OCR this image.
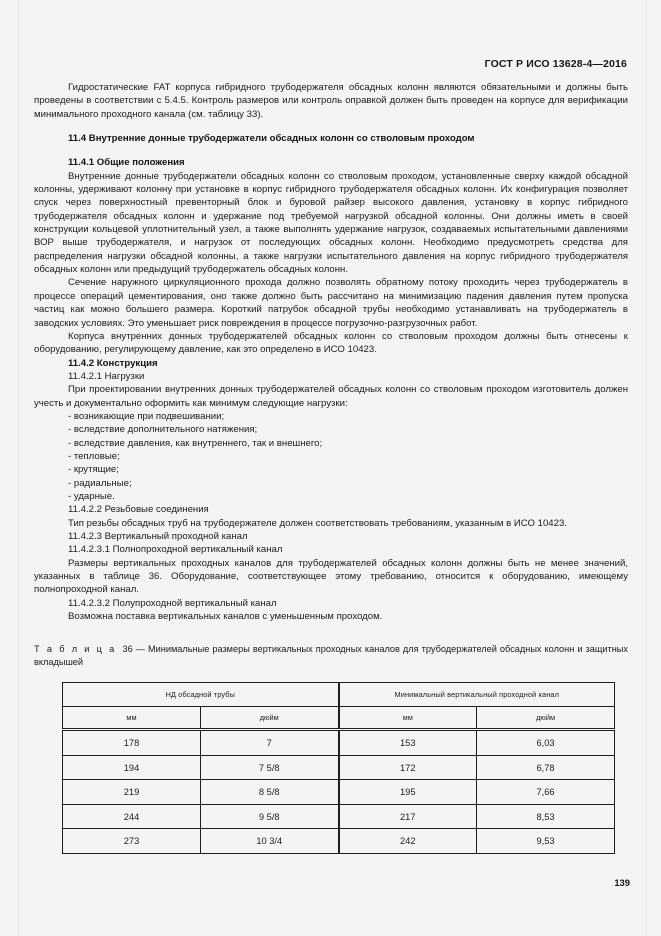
ГОСТ Р ИСО 13628-4—2016

Гидростатические FAT корпуса гибридного трубодержателя обсадных колонн являются обязательными и должны быть проведены в соответствии с 5.4.5. Контроль размеров или контроль оправкой должен быть проведен на корпусе для верификации минимального проходного канала (см. таблицу 33).

11.4 Внутренние донные трубодержатели обсадных колонн со стволовым проходом
11.4.1 Общие положения

Внутренние донные трубодержатели обсадных колонн со стволовым проходом, установленные сверху каждой обсадной колонны, удерживают колонну при установке в корпус гибридного трубодержателя обсадных колонн. Их конфигурация позволяет спуск через поверхностный превенторный блок и буровой райзер высокого давления, установку в корпус гибридного трубодержателя обсадных колонн и удержание под требуемой нагрузкой обсадной колонны. Они должны иметь в своей конструкции кольцевой уплотнительный узел, а также выполнять удержание нагрузок, создаваемых испытательными давлениями ВОР выше трубодержателя, и нагрузок от последующих обсадных колонн. Необходимо предусмотреть средства для распределения нагрузки обсадной колонны, а также нагрузки испытательного давления на корпус гибридного трубодержателя обсадных колонн или предыдущий трубодержатель обсадных колонн.

Сечение наружного циркуляционного прохода должно позволять обратному потоку проходить через трубодержатель в процессе операций цементирования, оно также должно быть рассчитано на минимизацию падения давления путем пропуска частиц как можно большего размера. Короткий патрубок обсадной трубы необходимо устанавливать на трубодержатель в заводских условиях. Это уменьшает риск повреждения в процессе погрузочно-разгрузочных работ.

Корпуса внутренних донных трубодержателей обсадных колонн со стволовым проходом должны быть отнесены к оборудованию, регулирующему давление, как это определено в ИСО 10423.

11.4.2 Конструкция
11.4.2.1 Нагрузки

При проектировании внутренних донных трубодержателей обсадных колонн со стволовым проходом изготовитель должен учесть и документально оформить как минимум следующие нагрузки:

- возникающие при подвешивании;
- вследствие дополнительного натяжения;
- вследствие давления, как внутреннего, так и внешнего;
- тепловые;
- крутящие;
- радиальные;
- ударные.
11.4.2.2 Резьбовые соединения

Тип резьбы обсадных труб на трубодержателе должен соответствовать требованиям, указанным в ИСО 10423.

11.4.2.3 Вертикальный проходной канал
11.4.2.3.1 Полнопроходной вертикальный канал

Размеры вертикальных проходных каналов для трубодержателей обсадных колонн должны быть не менее значений, указанных в таблице 36. Оборудование, соответствующее этому требованию, относится к оборудованию, имеющему полнопроходной канал.

11.4.2.3.2 Полупроходной вертикальный канал

Возможна поставка вертикальных каналов с уменьшенным проходом.

Т а б л и ц а 36 — Минимальные размеры вертикальных проходных каналов для трубодержателей обсадных колонн и защитных вкладышей

НД обсадной трубы		Минимальный вертикальный проходной канал	
мм	дюйм	мм	дюйм
178	7	153	6,03
194	7 5/8	172	6,78
219	8 5/8	195	7,66
244	9 5/8	217	8,53
273	10 3/4	242	9,53
139
